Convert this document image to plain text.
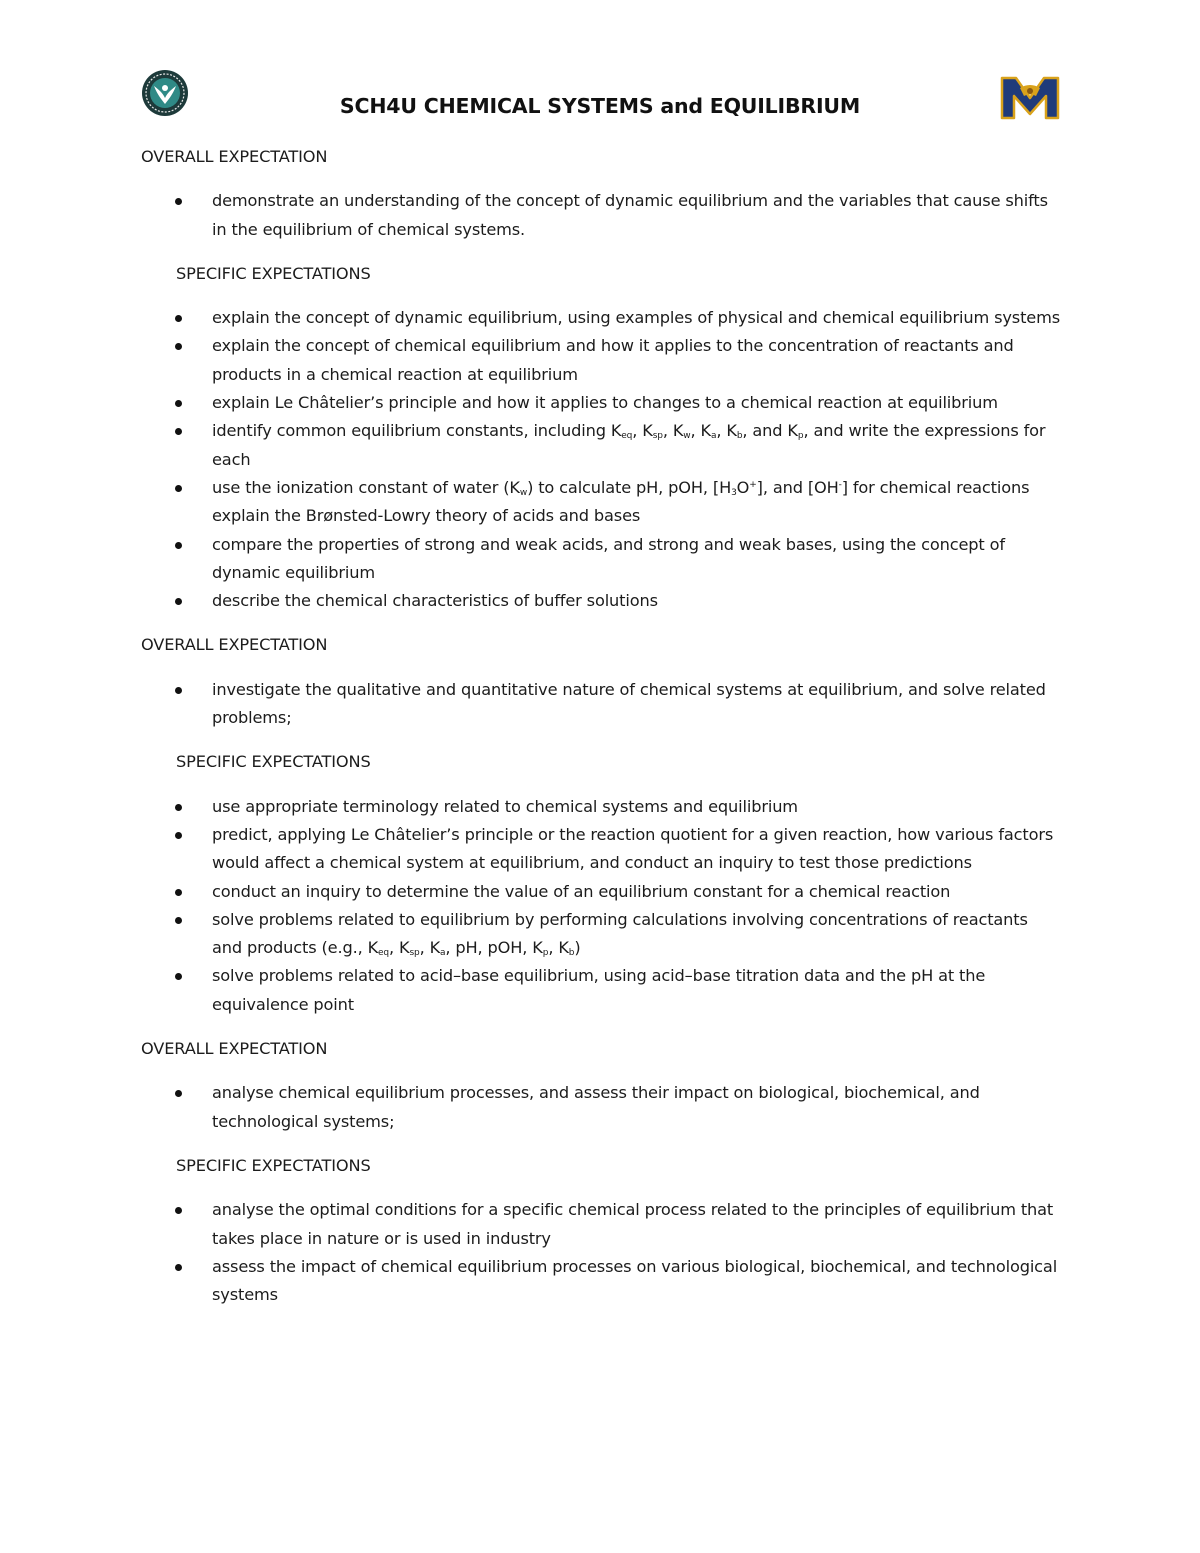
SCH4U CHEMICAL SYSTEMS and EQUILIBRIUM
OVERALL EXPECTATION
demonstrate an understanding of the concept of dynamic equilibrium and the variables that cause shifts in the equilibrium of chemical systems.
SPECIFIC EXPECTATIONS
explain the concept of dynamic equilibrium, using examples of physical and chemical equilibrium systems
explain the concept of chemical equilibrium and how it applies to the concentration of reactants and products in a chemical reaction at equilibrium
explain Le Châtelier’s principle and how it applies to changes to a chemical reaction at equilibrium
identify common equilibrium constants, including $K_{eq}$, $K_{sp}$, $K_w$, $K_a$, $K_b$, and $K_p$, and write the expressions for each
use the ionization constant of water $(K_w)$ to calculate pH, pOH, $[H_3O^+]$, and [OH-] for chemical reactions explain the Brønsted-Lowry theory of acids and bases
compare the properties of strong and weak acids, and strong and weak bases, using the concept of dynamic equilibrium
describe the chemical characteristics of buffer solutions
OVERALL EXPECTATION
investigate the qualitative and quantitative nature of chemical systems at equilibrium, and solve related problems;
SPECIFIC EXPECTATIONS
use appropriate terminology related to chemical systems and equilibrium
predict, applying Le Châtelier’s principle or the reaction quotient for a given reaction, how various factors would affect a chemical system at equilibrium, and conduct an inquiry to test those predictions
conduct an inquiry to determine the value of an equilibrium constant for a chemical reaction
solve problems related to equilibrium by performing calculations involving concentrations of reactants and products (e.g., $K_{eq}$, $K_{sp}$, $K_a$, pH, pOH, $K_p$, $K_b$)
solve problems related to acid–base equilibrium, using acid–base titration data and the pH at the equivalence point
OVERALL EXPECTATION
analyse chemical equilibrium processes, and assess their impact on biological, biochemical, and technological systems;
SPECIFIC EXPECTATIONS
analyse the optimal conditions for a specific chemical process related to the principles of equilibrium that takes place in nature or is used in industry
assess the impact of chemical equilibrium processes on various biological, biochemical, and technological systems
